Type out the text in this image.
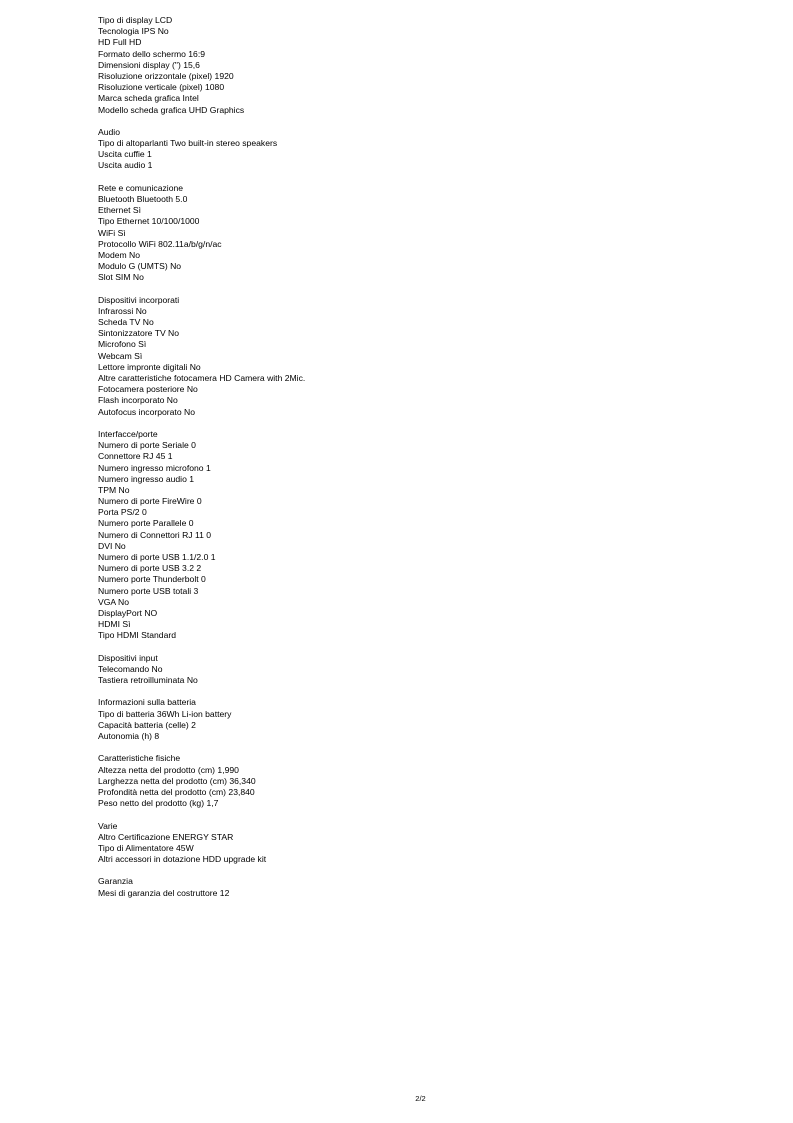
Tipo di display LCD
Tecnologia IPS No
HD Full HD
Formato dello schermo 16:9
Dimensioni display (") 15,6
Risoluzione orizzontale (pixel) 1920
Risoluzione verticale (pixel) 1080
Marca scheda grafica Intel
Modello scheda grafica UHD Graphics
Audio
Tipo di altoparlanti Two built-in stereo speakers
Uscita cuffie 1
Uscita audio 1
Rete e comunicazione
Bluetooth Bluetooth 5.0
Ethernet Sì
Tipo Ethernet 10/100/1000
WiFi Sì
Protocollo WiFi 802.11a/b/g/n/ac
Modem No
Modulo G (UMTS) No
Slot SIM No
Dispositivi incorporati
Infrarossi No
Scheda TV No
Sintonizzatore TV No
Microfono Sì
Webcam Sì
Lettore impronte digitali No
Altre caratteristiche fotocamera HD Camera with 2Mic.
Fotocamera posteriore No
Flash incorporato No
Autofocus incorporato No
Interfacce/porte
Numero di porte Seriale 0
Connettore RJ 45 1
Numero ingresso microfono 1
Numero ingresso audio 1
TPM No
Numero di porte FireWire 0
Porta PS/2 0
Numero porte Parallele 0
Numero di Connettori RJ 11 0
DVI No
Numero di porte USB 1.1/2.0 1
Numero di porte USB 3.2 2
Numero porte Thunderbolt 0
Numero porte USB totali 3
VGA No
DisplayPort NO
HDMI Sì
Tipo HDMI Standard
Dispositivi input
Telecomando No
Tastiera retroilluminata No
Informazioni sulla batteria
Tipo di batteria 36Wh Li-ion battery
Capacità batteria (celle) 2
Autonomia (h) 8
Caratteristiche fisiche
Altezza netta del prodotto (cm) 1,990
Larghezza netta del prodotto (cm) 36,340
Profondità netta del prodotto (cm) 23,840
Peso netto del prodotto (kg) 1,7
Varie
Altro Certificazione ENERGY STAR
Tipo di Alimentatore 45W
Altri accessori in dotazione HDD upgrade kit
Garanzia
Mesi di garanzia del costruttore 12
2/2
